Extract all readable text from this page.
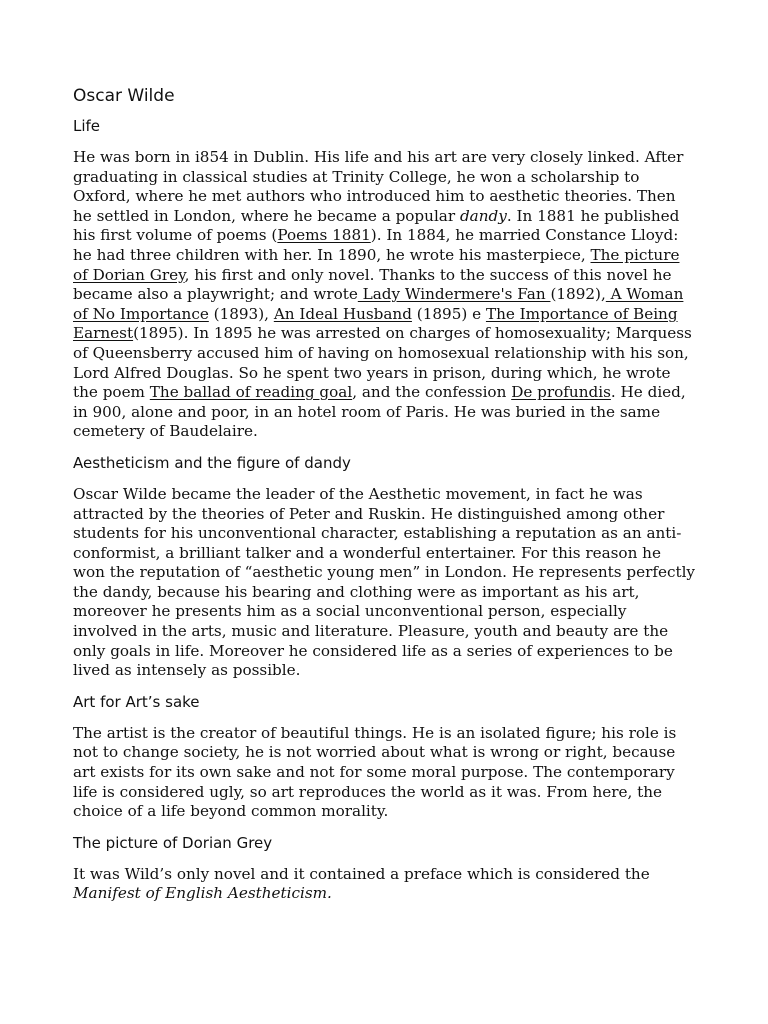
Oscar Wilde
Life

He was born in i854 in Dublin. His life and his art are very closely linked. After graduating in classical studies at Trinity College, he won a scholarship to Oxford, where he met authors who introduced him to aesthetic theories. Then he settled in London, where he became a popular dandy. In 1881 he published his first volume of poems (Poems 1881). In 1884, he married Constance Lloyd: he had three children with her. In 1890, he wrote his masterpiece, The picture of Dorian Grey, his first and only novel. Thanks to the success of this novel he became also a playwright; and wrote Lady Windermere's Fan (1892), A Woman of No Importance (1893), An Ideal Husband (1895) e The Importance of Being Earnest(1895). In 1895 he was arrested on charges of homosexuality; Marquess of Queensberry accused him of having on homosexual relationship with his son, Lord Alfred Douglas. So he spent two years in prison, during which, he wrote the poem The ballad of reading goal, and the confession De profundis. He died, in 900, alone and poor, in an hotel room of Paris. He was buried in the same cemetery of Baudelaire.

Aestheticism and the figure of dandy

Oscar Wilde became the leader of the Aesthetic movement, in fact he was attracted by the theories of Peter and Ruskin. He distinguished among other students for his unconventional character, establishing a reputation as an anti-conformist, a brilliant talker and a wonderful entertainer. For this reason he won the reputation of “aesthetic young men” in London. He represents perfectly the dandy, because his bearing and clothing were as important as his art, moreover he presents him as a social unconventional person, especially involved in the arts, music and literature. Pleasure, youth and beauty are the only goals in life. Moreover he considered life as a series of experiences to be lived as intensely as possible.

Art for Art’s sake

The artist is the creator of beautiful things. He is an isolated figure; his role is not to change society, he is not worried about what is wrong or right, because art exists for its own sake and not for some moral purpose. The contemporary life is considered ugly, so art reproduces the world as it was. From here, the choice of a life beyond common morality.

The picture of Dorian Grey

It was Wild’s only novel and it contained a preface which is considered the Manifest of English Aestheticism.
